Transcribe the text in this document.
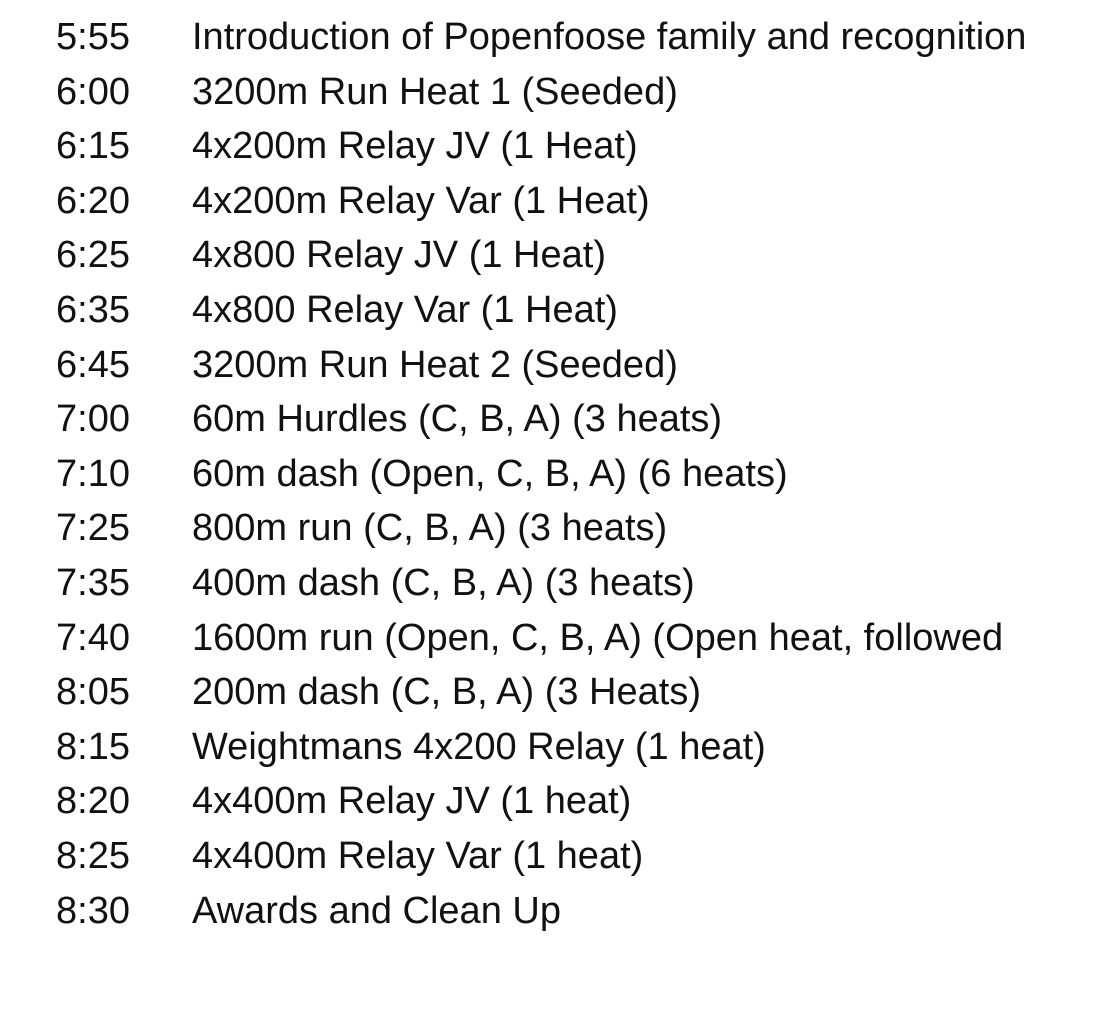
5:55 Introduction of Popenfoose family and recognition
6:00 3200m Run Heat 1 (Seeded)
6:15 4x200m Relay JV (1 Heat)
6:20 4x200m Relay Var (1 Heat)
6:25 4x800 Relay JV (1 Heat)
6:35 4x800 Relay Var (1 Heat)
6:45 3200m Run Heat 2 (Seeded)
7:00 60m Hurdles (C, B, A) (3 heats)
7:10 60m dash (Open, C, B, A) (6 heats)
7:25 800m run (C, B, A) (3 heats)
7:35 400m dash (C, B, A) (3 heats)
7:40 1600m run (Open, C, B, A) (Open heat, followed
8:05 200m dash (C, B, A) (3 Heats)
8:15 Weightmans 4x200 Relay (1 heat)
8:20 4x400m Relay JV (1 heat)
8:25 4x400m Relay Var (1 heat)
8:30 Awards and Clean Up
